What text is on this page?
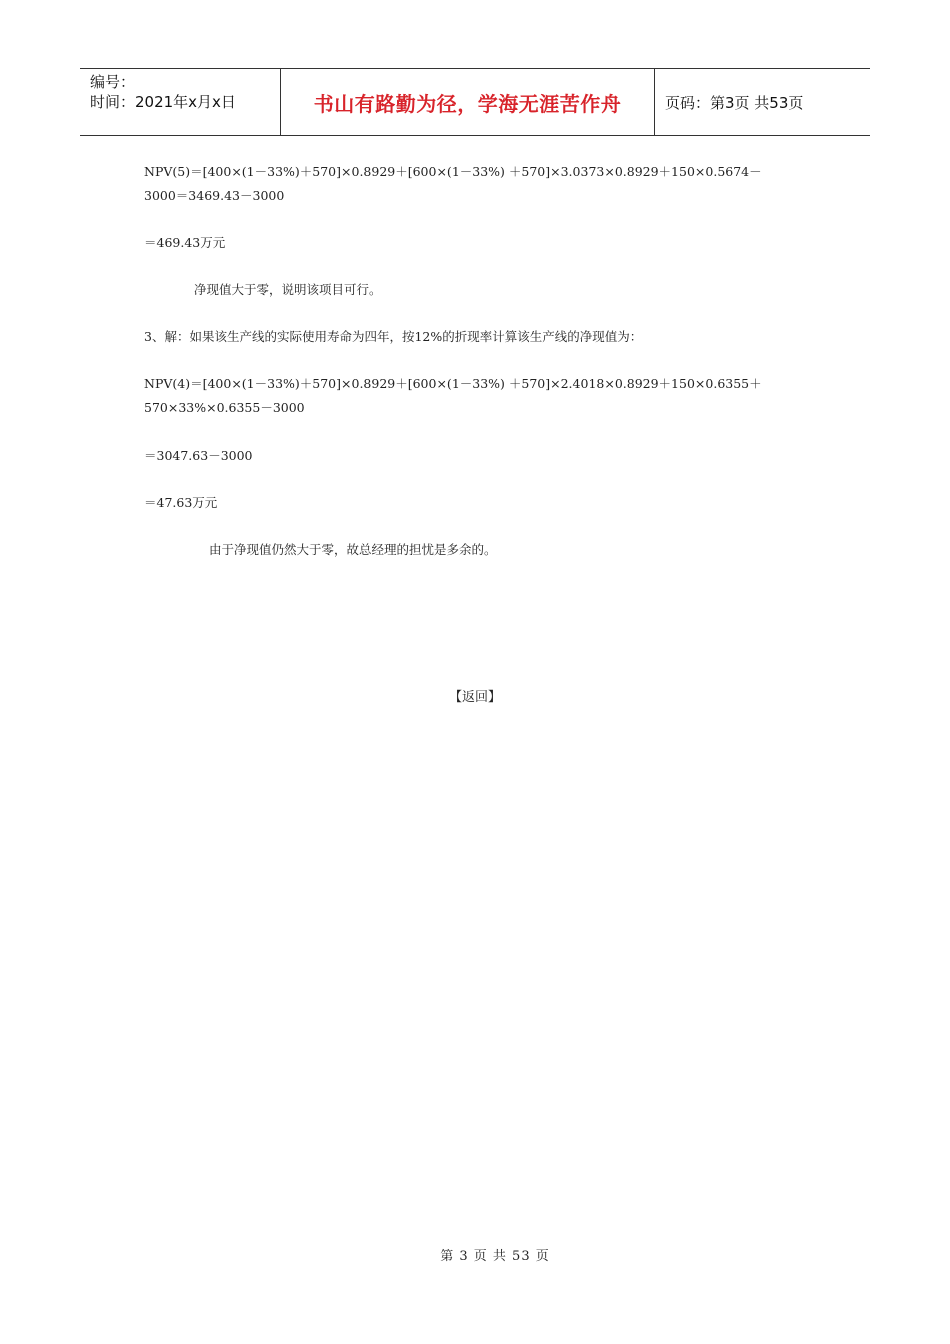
编号：
时间：2021年x月x日	书山有路勤为径，学海无涯苦作舟	页码：第3页 共53页
NPV(5)＝[400×(1－33%)＋570]×0.8929＋[600×(1－33%) ＋570]×3.0373×0.8929＋150×0.5674－
3000＝3469.43－3000
＝469.43万元
净现值大于零，说明该项目可行。
3、解：如果该生产线的实际使用寿命为四年，按12%的折现率计算该生产线的净现值为：
NPV(4)＝[400×(1－33%)＋570]×0.8929＋[600×(1－33%) ＋570]×2.4018×0.8929＋150×0.6355＋
570×33%×0.6355－3000
＝3047.63－3000
＝47.63万元
由于净现值仍然大于零，故总经理的担忧是多余的。
【返回】
第 3 页 共 53 页
